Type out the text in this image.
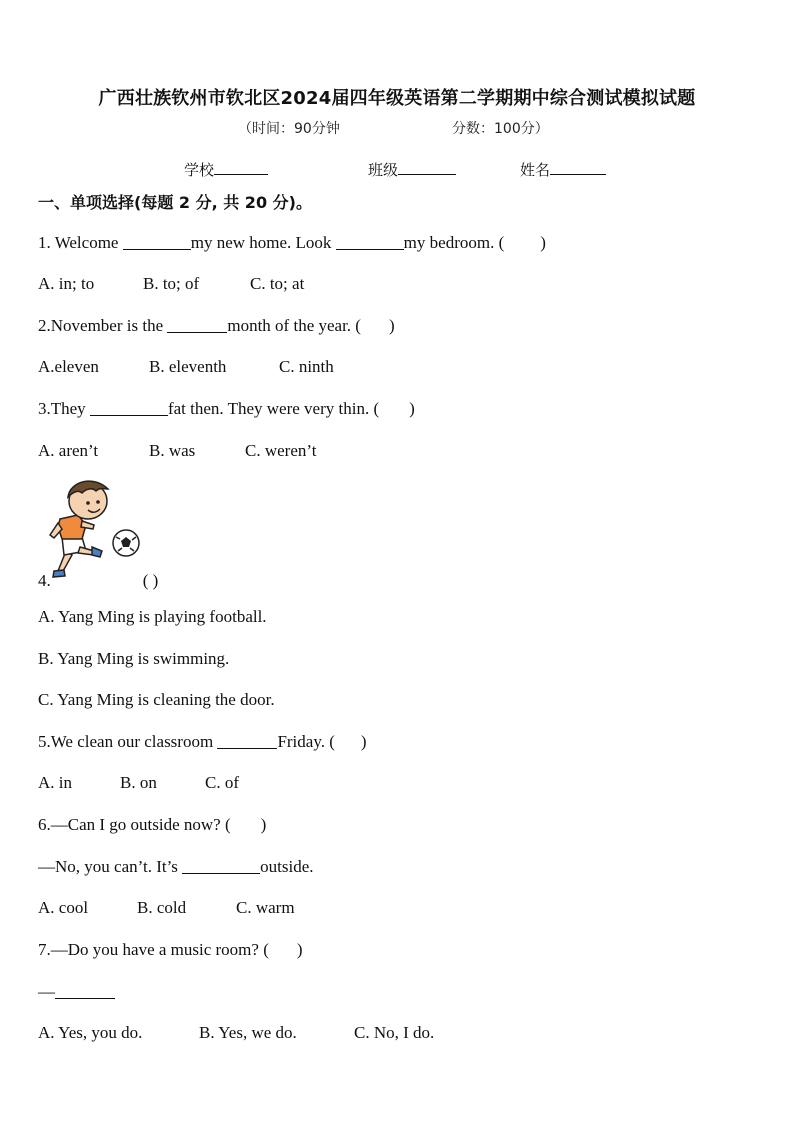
广西壮族钦州市钦北区2024届四年级英语第二学期期中综合测试模拟试题
（时间：90分钟	分数：100分）
学校	班级	姓名
一、单项选择(每题 2 分, 共 20 分)。
1. Welcome	my new home. Look	my bedroom. ( )
A. in; to	B. to; of	C. to; at
2.November is the	month of the year. ( )
A.eleven	B. eleventh	C. ninth
3.They	fat then. They were very thin. ( )
A. aren’t	B. was	C. weren’t
4.	( )
A. Yang Ming is playing football.
B. Yang Ming is swimming.
C. Yang Ming is cleaning the door.
5.We clean our classroom	Friday. ( )
A. in	B. on	C. of
6.—Can I go outside now? ( )
—No, you can’t. It’s	outside.
A. cool	B. cold	C. warm
7.—Do you have a music room? ( )
—
A. Yes, you do.	B. Yes, we do.	C. No, I do.
